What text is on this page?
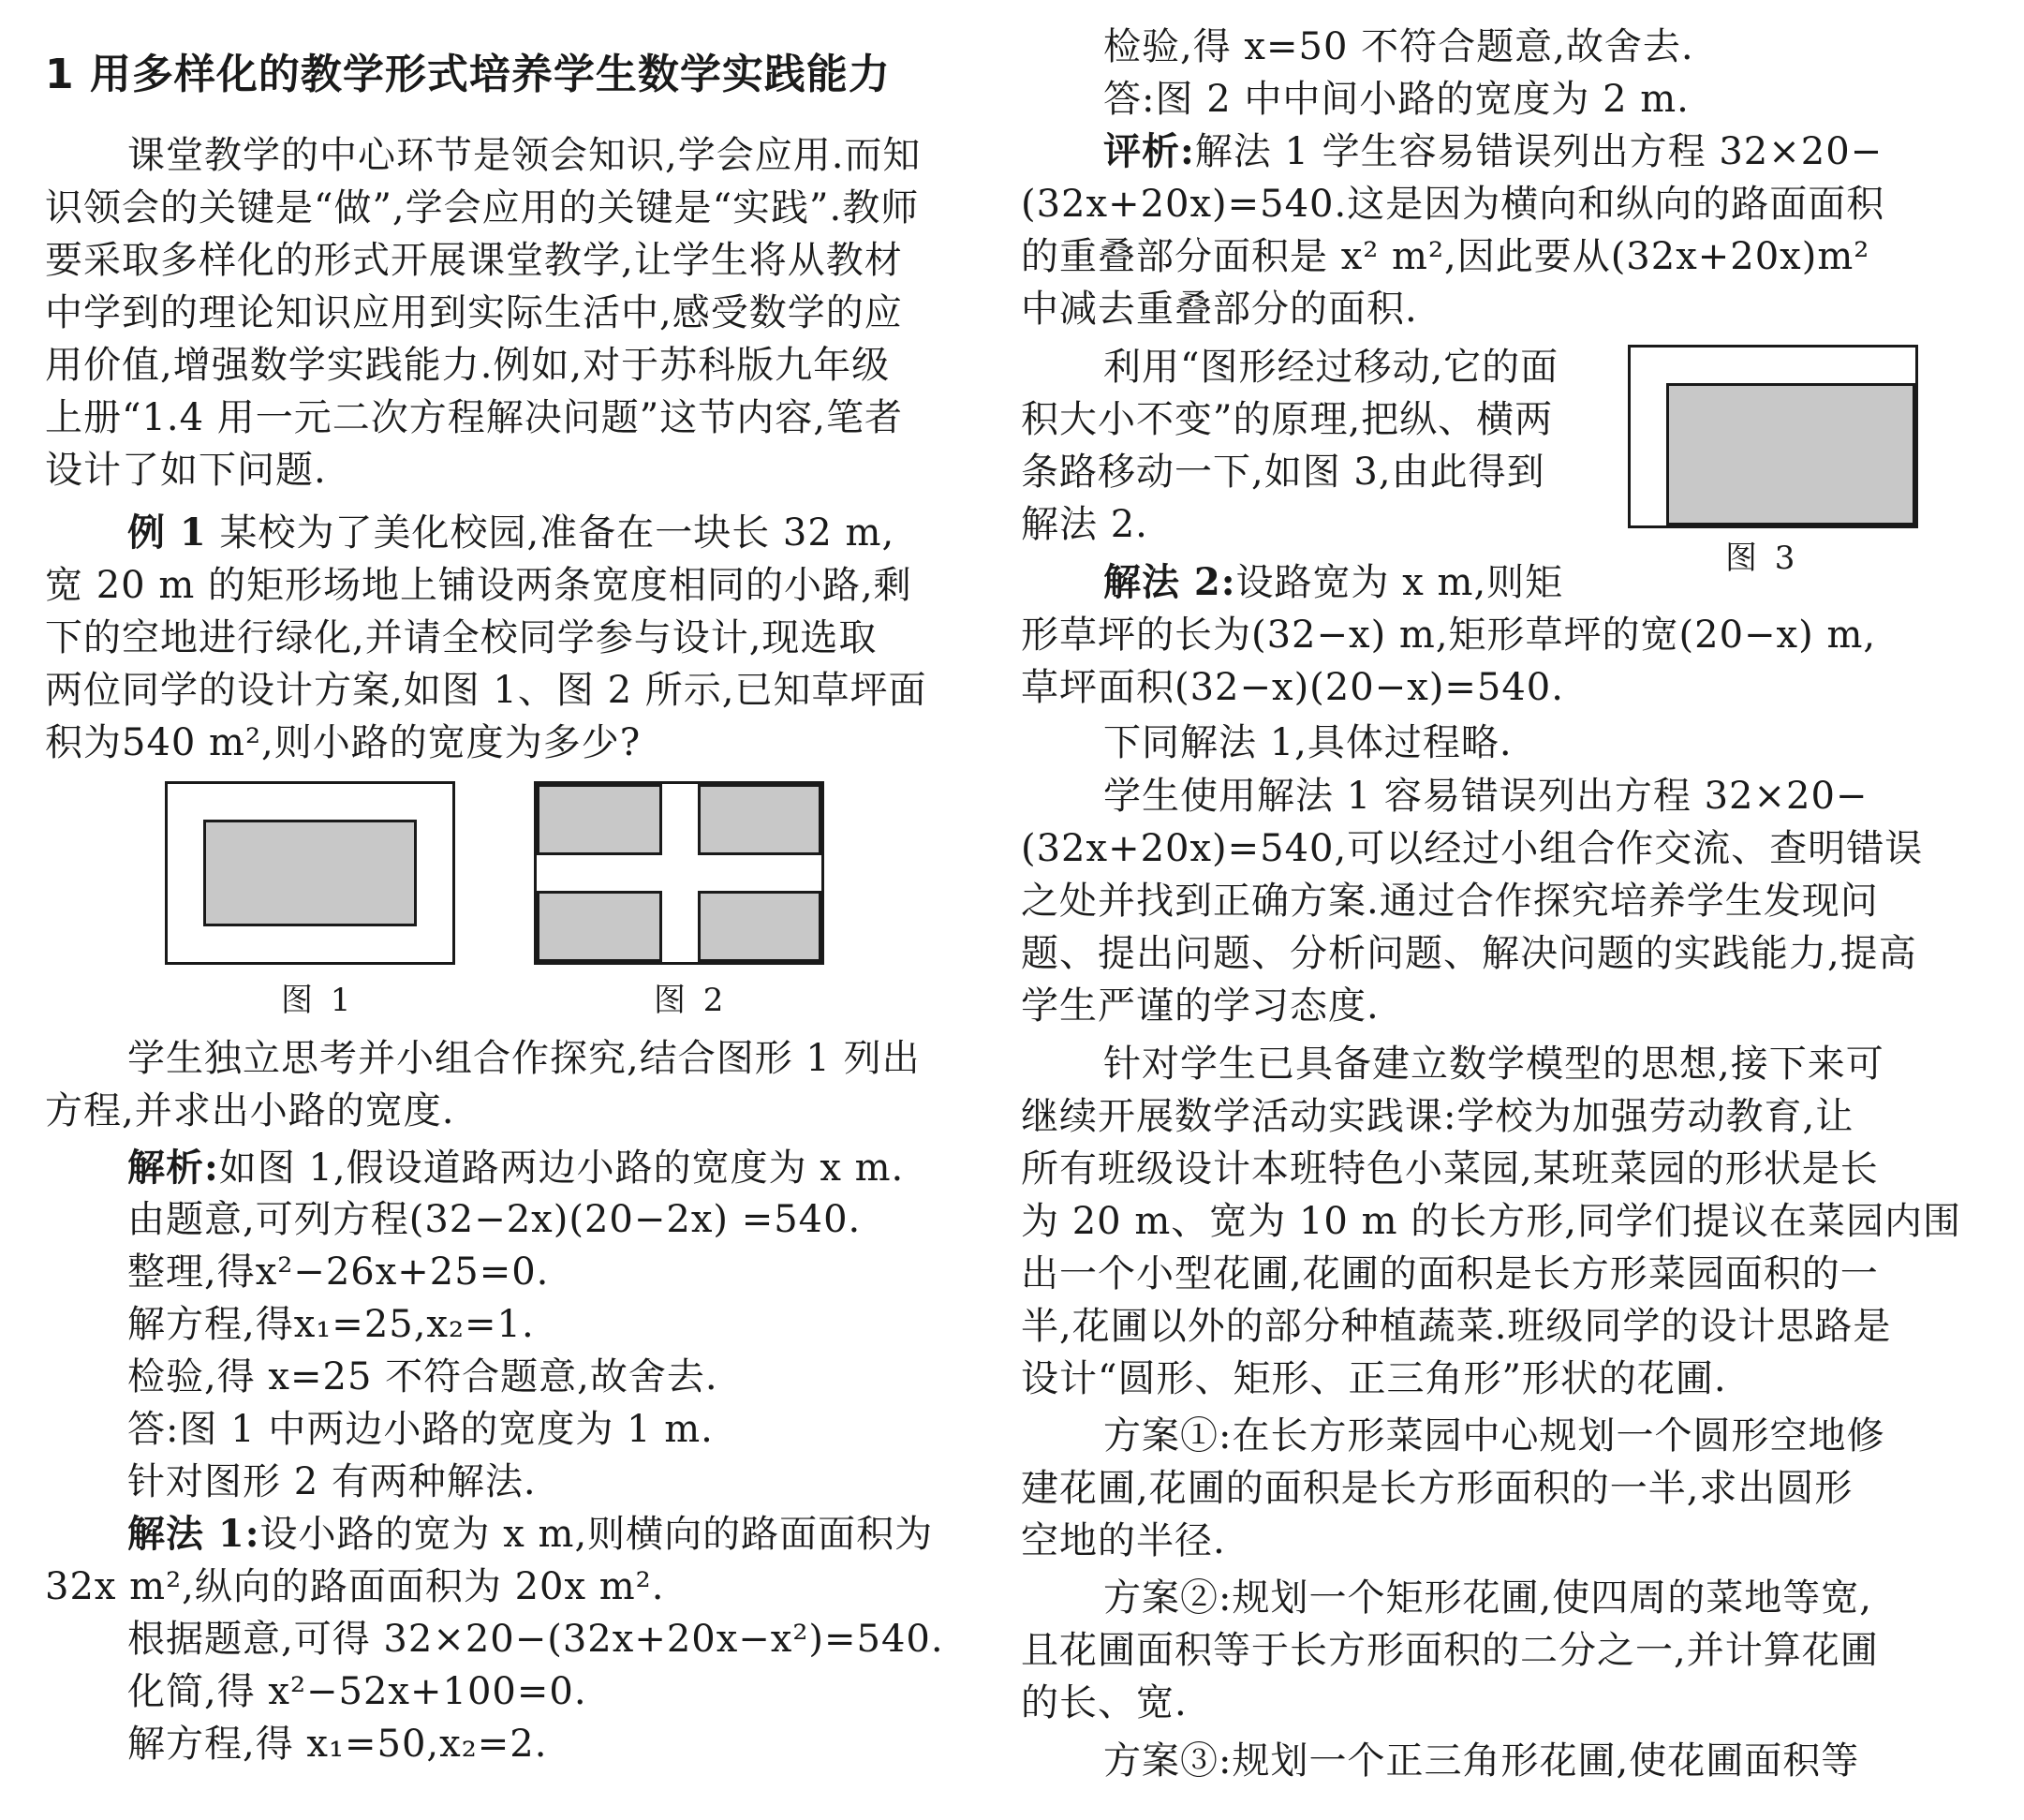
1 用多样化的教学形式培养学生数学实践能力
课堂教学的中心环节是领会知识,学会应用.而知
识领会的关键是“做”,学会应用的关键是“实践”.教师
要采取多样化的形式开展课堂教学,让学生将从教材
中学到的理论知识应用到实际生活中,感受数学的应
用价值,增强数学实践能力.例如,对于苏科版九年级
上册“1.4 用一元二次方程解决问题”这节内容,笔者
设计了如下问题.
例 1 某校为了美化校园,准备在一块长 32 m,
宽 20 m 的矩形场地上铺设两条宽度相同的小路,剩
下的空地进行绿化,并请全校同学参与设计,现选取
两位同学的设计方案,如图 1、图 2 所示,已知草坪面
积为540 m²,则小路的宽度为多少?
图 1	图 2
学生独立思考并小组合作探究,结合图形 1 列出
方程,并求出小路的宽度.
解析:如图 1,假设道路两边小路的宽度为 x m.
由题意,可列方程(32−2x)(20−2x) =540.
整理,得x²−26x+25=0.
解方程,得x₁=25,x₂=1.
检验,得 x=25 不符合题意,故舍去.
答:图 1 中两边小路的宽度为 1 m.
针对图形 2 有两种解法.
解法 1:设小路的宽为 x m,则横向的路面面积为
32x m²,纵向的路面面积为 20x m².
根据题意,可得 32×20−(32x+20x−x²)=540.
化简,得 x²−52x+100=0.
解方程,得 x₁=50,x₂=2.
检验,得 x=50 不符合题意,故舍去.
答:图 2 中中间小路的宽度为 2 m.
评析:解法 1 学生容易错误列出方程 32×20−
(32x+20x)=540.这是因为横向和纵向的路面面积
的重叠部分面积是 x² m²,因此要从(32x+20x)m²
中减去重叠部分的面积.
利用“图形经过移动,它的面
积大小不变”的原理,把纵、横两
条路移动一下,如图 3,由此得到
解法 2.
图 3
解法 2:设路宽为 x m,则矩
形草坪的长为(32−x) m,矩形草坪的宽(20−x) m,
草坪面积(32−x)(20−x)=540.
下同解法 1,具体过程略.
学生使用解法 1 容易错误列出方程 32×20−
(32x+20x)=540,可以经过小组合作交流、查明错误
之处并找到正确方案.通过合作探究培养学生发现问
题、提出问题、分析问题、解决问题的实践能力,提高
学生严谨的学习态度.
针对学生已具备建立数学模型的思想,接下来可
继续开展数学活动实践课:学校为加强劳动教育,让
所有班级设计本班特色小菜园,某班菜园的形状是长
为 20 m、宽为 10 m 的长方形,同学们提议在菜园内围
出一个小型花圃,花圃的面积是长方形菜园面积的一
半,花圃以外的部分种植蔬菜.班级同学的设计思路是
设计“圆形、矩形、正三角形”形状的花圃.
方案①:在长方形菜园中心规划一个圆形空地修
建花圃,花圃的面积是长方形面积的一半,求出圆形
空地的半径.
方案②:规划一个矩形花圃,使四周的菜地等宽,
且花圃面积等于长方形面积的二分之一,并计算花圃
的长、宽.
方案③:规划一个正三角形花圃,使花圃面积等
